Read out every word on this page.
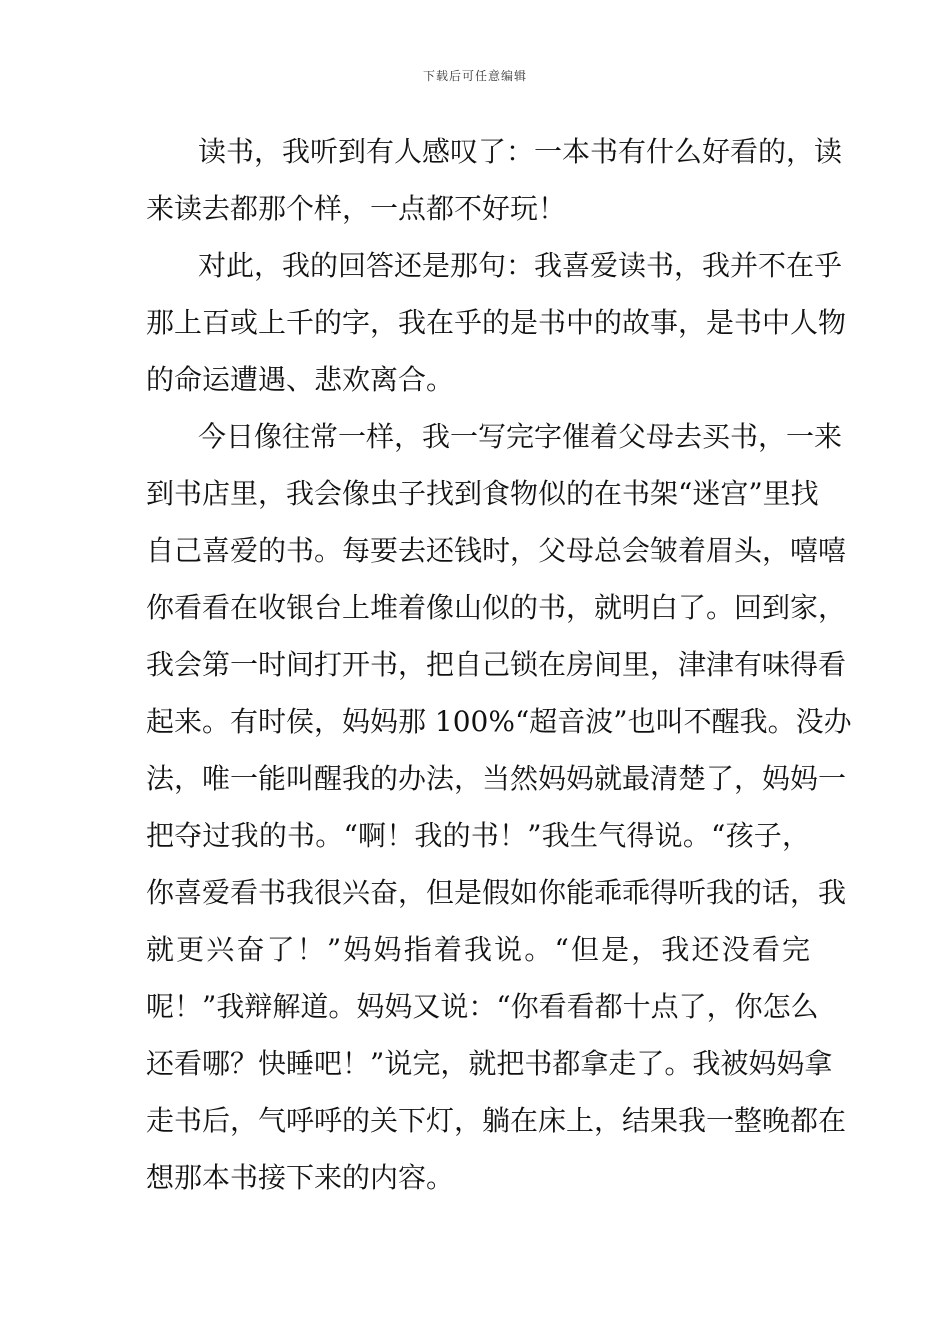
下载后可任意编辑
读书，我听到有人感叹了：一本书有什么好看的，读
来读去都那个样，一点都不好玩！
对此，我的回答还是那句：我喜爱读书，我并不在乎
那上百或上千的字，我在乎的是书中的故事，是书中人物
的命运遭遇、悲欢离合。
今日像往常一样，我一写完字催着父母去买书，一来
到书店里，我会像虫子找到食物似的在书架“迷宫”里找
自己喜爱的书。每要去还钱时，父母总会皱着眉头，嘻嘻
你看看在收银台上堆着像山似的书，就明白了。回到家，
我会第一时间打开书，把自己锁在房间里，津津有味得看
起来。有时侯，妈妈那 100%“超音波”也叫不醒我。没办
法，唯一能叫醒我的办法，当然妈妈就最清楚了，妈妈一
把夺过我的书。“啊！我的书！”我生气得说。“孩子，
你喜爱看书我很兴奋，但是假如你能乖乖得听我的话，我
就更兴奋了！”妈妈指着我说。“但是，我还没看完
呢！”我辩解道。妈妈又说：“你看看都十点了，你怎么
还看哪？快睡吧！”说完，就把书都拿走了。我被妈妈拿
走书后，气呼呼的关下灯，躺在床上，结果我一整晚都在
想那本书接下来的内容。
